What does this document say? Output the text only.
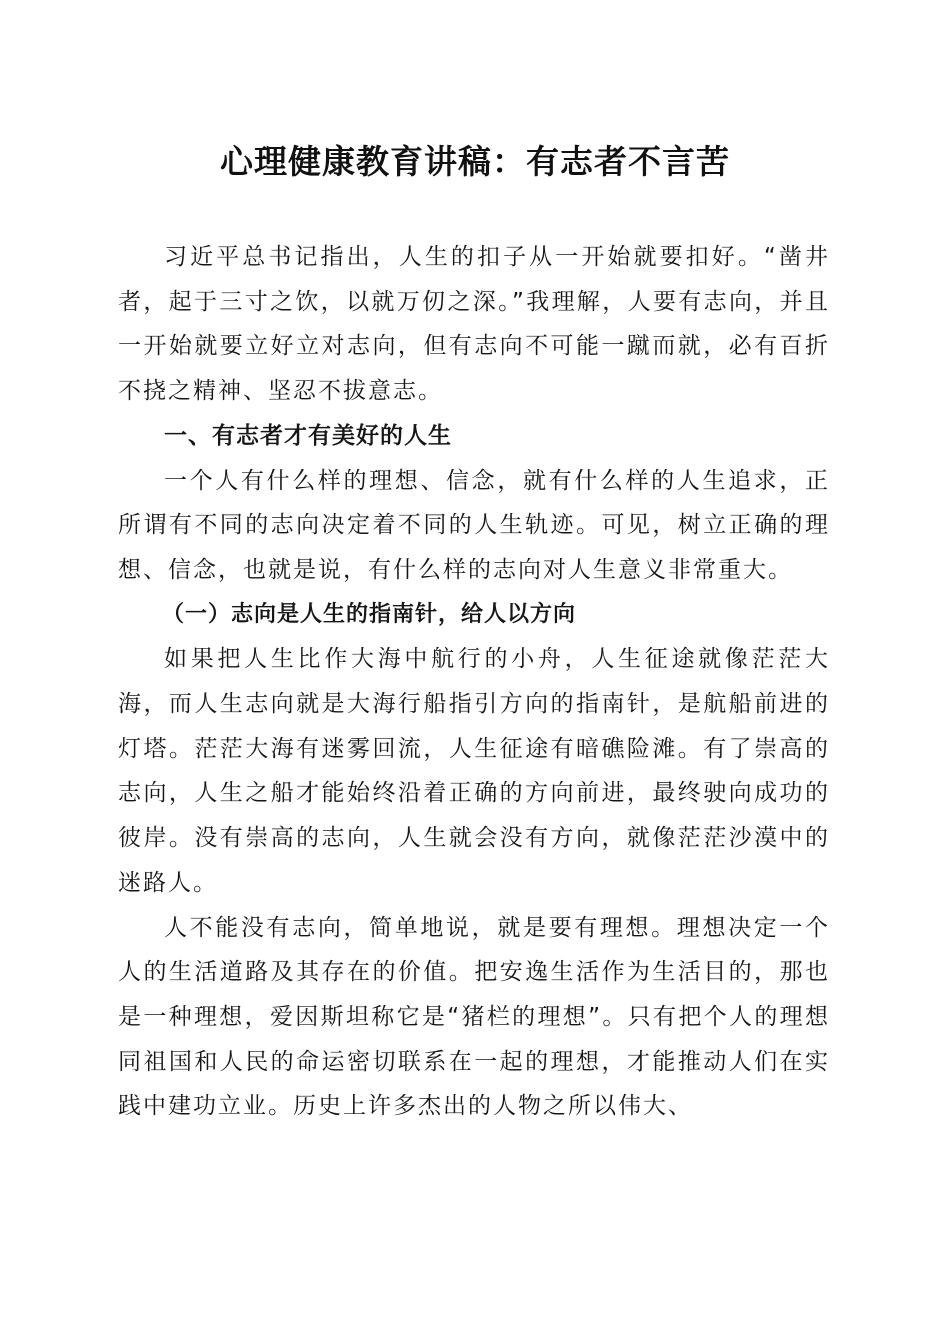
心理健康教育讲稿：有志者不言苦

习近平总书记指出，人生的扣子从一开始就要扣好。“凿井者，起于三寸之饮，以就万仞之深。”我理解，人要有志向，并且一开始就要立好立对志向，但有志向不可能一蹴而就，必有百折不挠之精神、坚忍不拔意志。

一、有志者才有美好的人生

一个人有什么样的理想、信念，就有什么样的人生追求，正所谓有不同的志向决定着不同的人生轨迹。可见，树立正确的理想、信念，也就是说，有什么样的志向对人生意义非常重大。

（一）志向是人生的指南针，给人以方向

如果把人生比作大海中航行的小舟，人生征途就像茫茫大海，而人生志向就是大海行船指引方向的指南针，是航船前进的灯塔。茫茫大海有迷雾回流，人生征途有暗礁险滩。有了崇高的志向，人生之船才能始终沿着正确的方向前进，最终驶向成功的彼岸。没有崇高的志向，人生就会没有方向，就像茫茫沙漠中的迷路人。

人不能没有志向，简单地说，就是要有理想。理想决定一个人的生活道路及其存在的价值。把安逸生活作为生活目的，那也是一种理想，爱因斯坦称它是“猪栏的理想”。只有把个人的理想同祖国和人民的命运密切联系在一起的理想，才能推动人们在实践中建功立业。历史上许多杰出的人物之所以伟大、
